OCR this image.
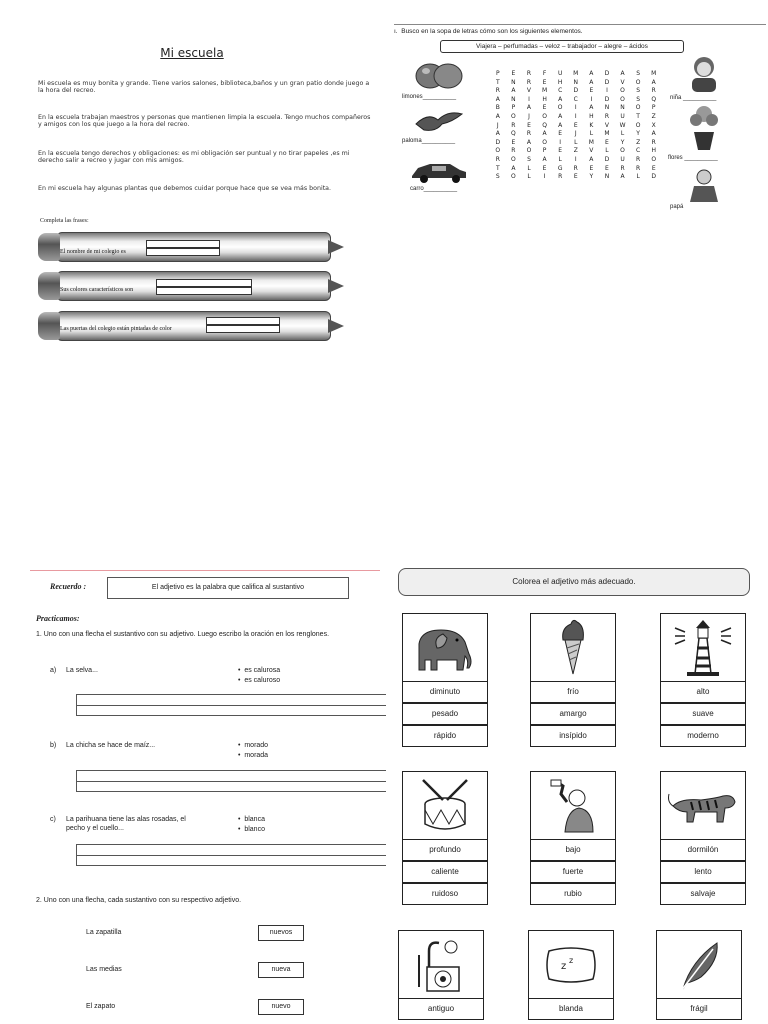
Mi escuela
Mi escuela es muy bonita y grande. Tiene varios salones, biblioteca,baños y un gran patio donde juego a la hora del recreo.
En la escuela trabajan maestros y personas que mantienen limpia la escuela. Tengo muchos compañeros y amigos con los que juego a la hora del recreo.
En la escuela tengo derechos y obligaciones: es mi obligación ser puntual y no tirar papeles ,es mi derecho salir a recreo y jugar con mis amigos.
En mi escuela hay algunas plantas que debemos cuidar porque hace que se vea más bonita.
Completa las frases:
El nombre de mi colegio es
Sus colores característicos son
Las puertas del colegio están pintadas de color
ı.  Busco en la sopa de letras cómo son los siguientes elementos.
Viajera – perfumadas – veloz – trabajador – alegre – ácidos
P E R F U M A D A S M
T N R E H N A D V O A
R A V M C D E I O S R
A N I H A C I D O S Q
B P A E O I A N N O P
A O J O A I H R U T Z
J R E Q A E K V W O X
A Q R A E J L M L Y A
D E A O I L M E Y Z R
O R O P E Z V L O C H
R O S A L I A D U R O
T A L E G R E E R R E
S O L I R E Y N A L D
limones__________
paloma__________
carro__________
niña __________
flores __________
papá
Recuerdo :	El adjetivo es la palabra que califica al sustantivo
Practicamos:
1. Uno con una flecha el sustantivo con su adjetivo. Luego escribo la oración en los renglones.
a) La selva...	•  es calurosa
•  es caluroso
b) La chicha se hace de maíz...	•  morado
•  morada
c) La parihuana tiene las alas rosadas, el pecho y el cuello...
•  blanca
•  blanco
2. Uno con una flecha, cada sustantivo con su respectivo adjetivo.
La zapatilla	nuevos
Las medias	nueva
El zapato	nuevo
Colorea el adjetivo más adecuado.
diminuto
pesado
rápido
frío
amargo
insípido
alto
suave
moderno
profundo
caliente
ruidoso
bajo
fuerte
rubio
dormilón
lento
salvaje
antiguo
z
z
blanda	frágil
